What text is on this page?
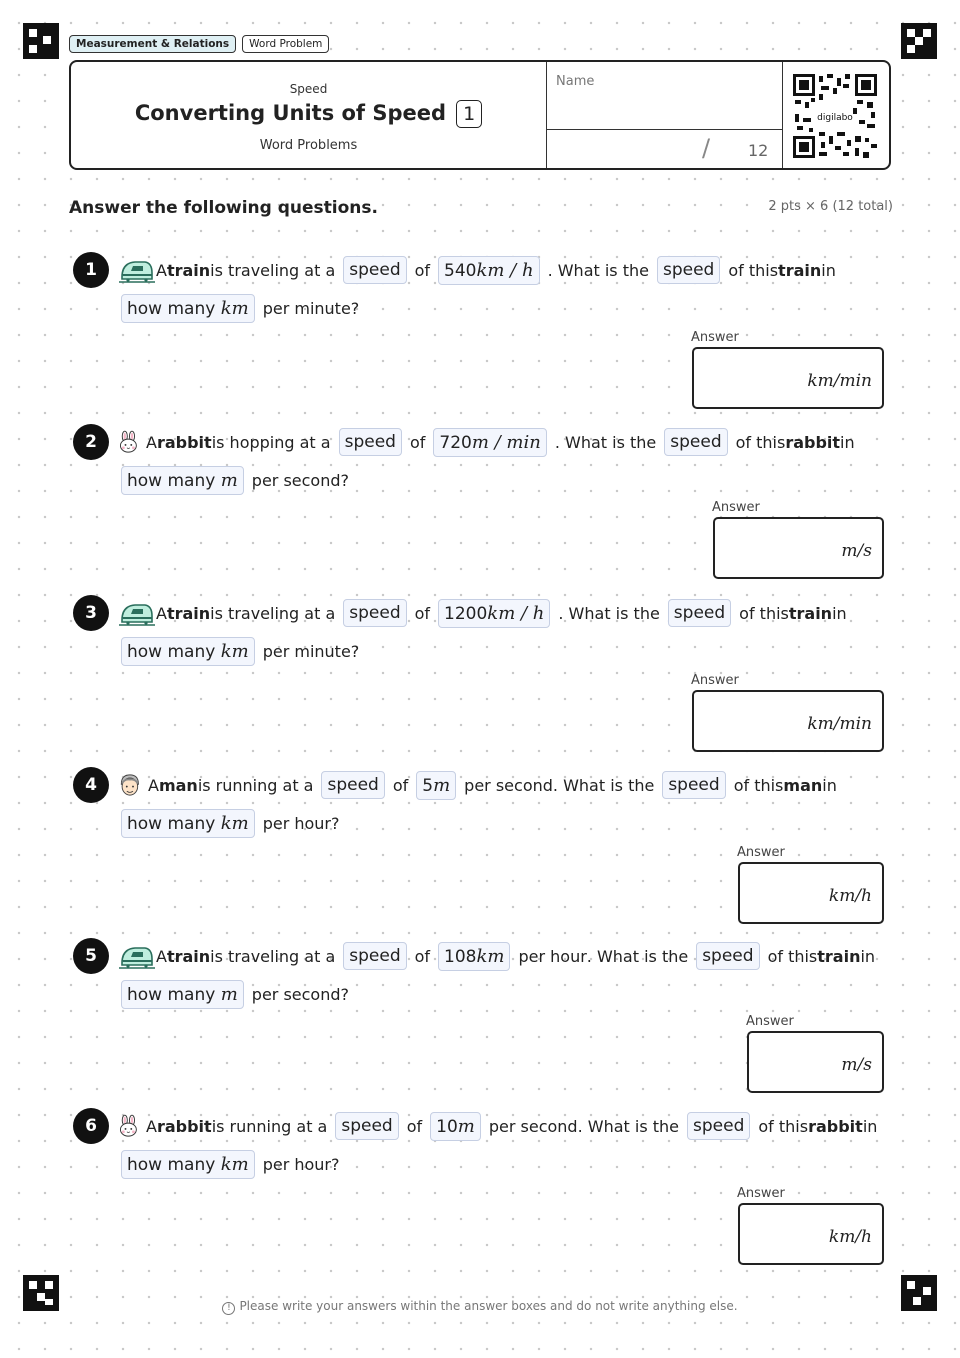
Measurement & Relations	Word Problem
Speed
Converting Units of Speed 1
Word Problems
Name
/ 12
digilabo
Answer the following questions.	2 pts × 6 (12 total)
1	A train is traveling at a speed of 540km / h . What is the speed of this train in
how many km per minute?
Answer
km/min
2	A rabbit is hopping at a speed of 720m / min . What is the speed of this rabbit in
how many m per second?
Answer
m/s
3	A train is traveling at a speed of 1200km / h . What is the speed of this train in
how many km per minute?
Answer
km/min
4	A man is running at a speed of 5m per second . What is the speed of this man in
how many km per hour?
Answer
km/h
5	A train is traveling at a speed of 108km per hour . What is the speed of this train in
how many m per second?
Answer
m/s
6	A rabbit is running at a speed of 10m per second . What is the speed of this rabbit in
how many km per hour?
Answer
km/h
! Please write your answers within the answer boxes and do not write anything else.
